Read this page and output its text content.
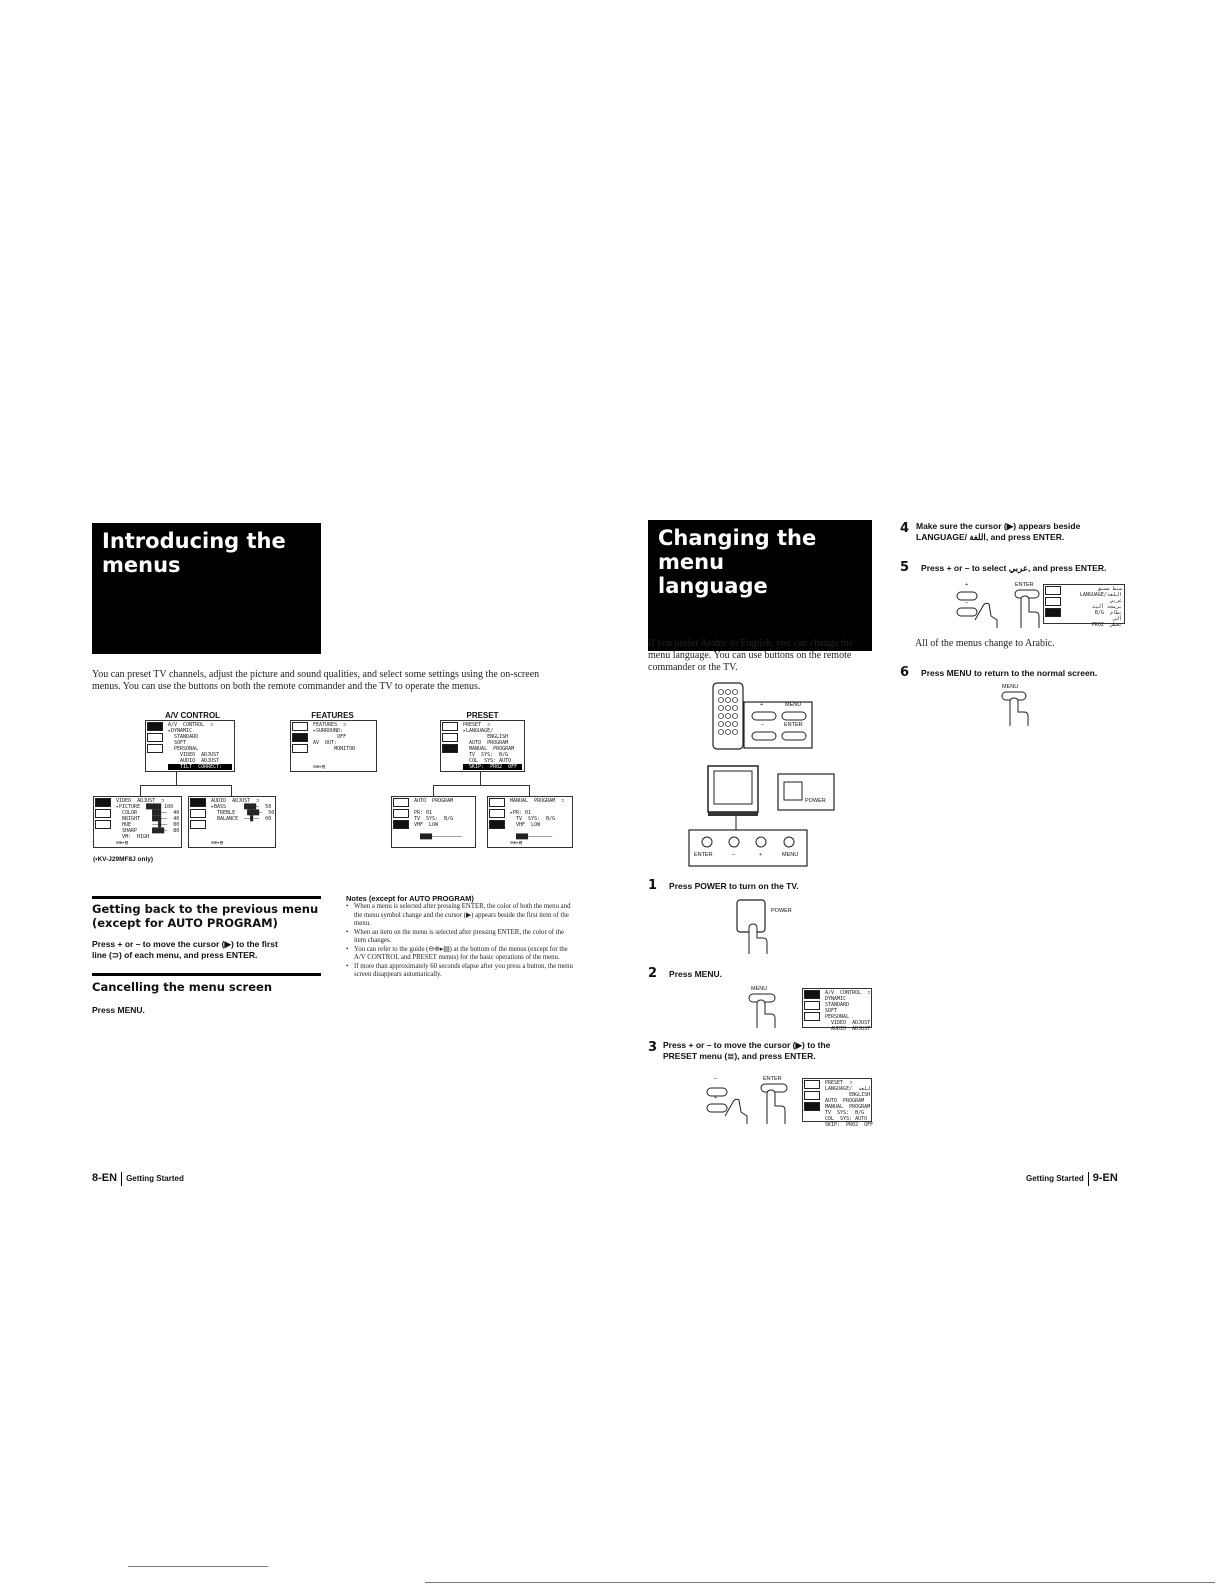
Introducing the
menus
You can preset TV channels, adjust the picture and sound qualities, and select some settings using the on-screen
menus. You can use the buttons on both the remote commander and the TV to operate the menus.
A/V CONTROL	FEATURES	PRESET
A/V  CONTROL  ⊃
▸DYNAMIC
STANDARD
SOFT
PERSONAL
VIDEO  ADJUST
AUDIO  ADJUST
TILT  CORRECT:
FEATURES  ⊃
▸SURROUND:
OFF
AV  OUT:
MONITOR
⊖⊕▸▤
PRESET  ⊃
▸LANGUAGE/
ENGLISH
AUTO  PROGRAM
MANUAL  PROGRAM
TV  SYS:  B/G
COL  SYS: AUTO
SKIP:  PR02  OFF
VIDEO  ADJUST  ⊃
▸PICTURE  █████ 100
COLOR     ███──  40
BRIGHT    ███──  40
HUE       ──█──  00
SHARP     ████─  80
VM:  HIGH
⊖⊕▸▤
AUDIO  ADJUST  ⊃
▸BASS      ████─  50
TREBLE    ████─  50
BALANCE  ──█──  00
⊖⊕▸▤
AUTO  PROGRAM
PR: 01
TV  SYS:  B/G
VHF  LOW
████──────────
MANUAL  PROGRAM  ⊃
▸PR: 01
TV  SYS:  B/G
VHF  LOW
████────────
⊖⊕▸▤
(•KV-J29MF8J only)
Getting back to the previous menu
(except for AUTO PROGRAM)
Press + or – to move the cursor (▶) to the first
line (⊃) of each menu, and press ENTER.
Cancelling the menu screen
Press MENU.
Notes (except for AUTO PROGRAM)
• When a menu is selected after pressing ENTER, the color of both the menu and the menu symbol change and the cursor (▶) appears beside the first item of the menu.
• When an item on the menu is selected after pressing ENTER, the color of the item changes.
• You can refer to the guide (⊖⊕▸▤) at the bottom of the menus (except for the A/V CONTROL and PRESET menus) for the basic operations of the menu.
• If more than approximately 60 seconds elapse after you press a button, the menu screen disappears automatically.
8-EN Getting Started
Changing the menu
language
If you prefer Arabic to English, you can change the
menu language. You can use buttons on the remote
commander or the TV.
+	MENU
–	ENTER
POWER
ENTER	–	+	MENU
1 Press POWER to turn on the TV.
POWER
2 Press MENU.
MENU
A/V  CONTROL  ⊃
DYNAMIC
STANDARD
SOFT
PERSONAL
VIDEO  ADJUST
AUDIO  ADJUST
3 Press + or – to move the cursor (▶) to the
PRESET menu (≣), and press ENTER.
–
+
ENTER
PRESET  ⊃
LANGUAGE/  اللغة
ENGLISH
AUTO  PROGRAM
MANUAL  PROGRAM
TV  SYS:  B/G
COL  SYS: AUTO
SKIP:  PR02  OFF
4 Make sure the cursor (▶) appears beside
LANGUAGE/ اللغة, and press ENTER.
5 Press + or – to select عربي, and press ENTER.
+
–
ENTER
ضبط مسبق
LANGUAGE/اللغة
عربي
برمجة آلية
B/G  نظام
آلي
PR02  تخطي
All of the menus change to Arabic.
6 Press MENU to return to the normal screen.
MENU
Getting Started 9-EN
